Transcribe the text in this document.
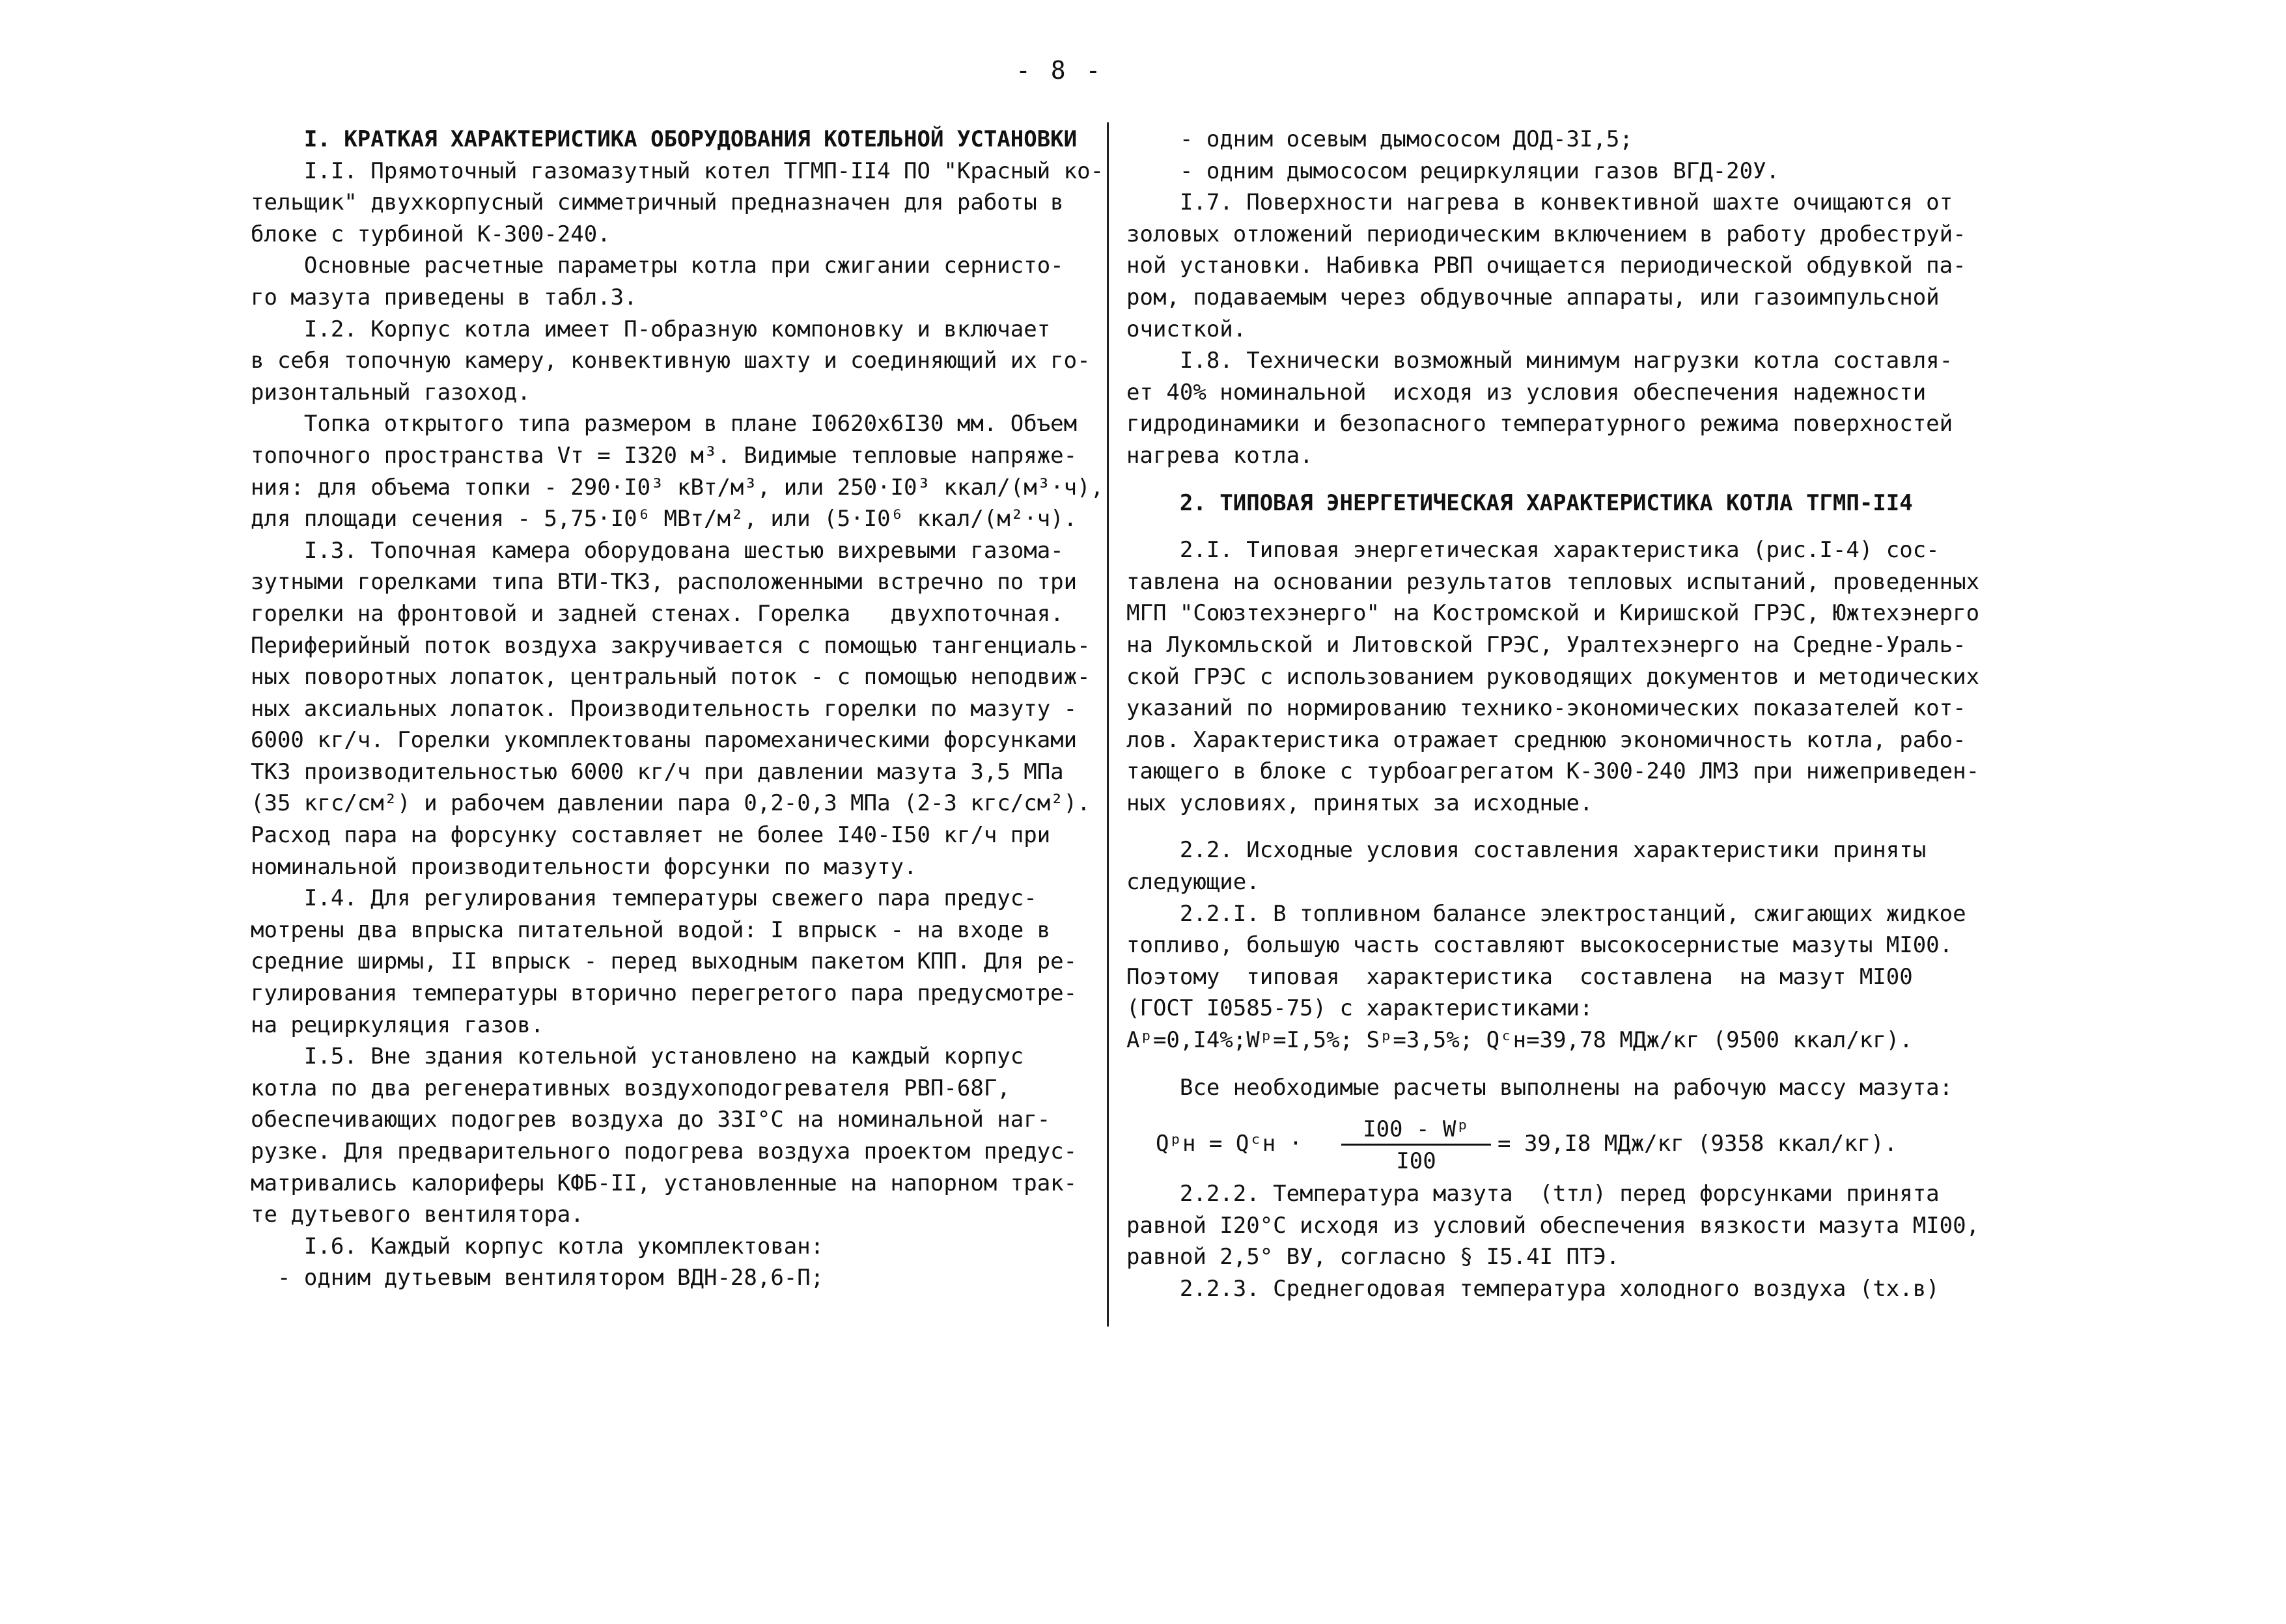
- 8 -
I. КРАТКАЯ ХАРАКТЕРИСТИКА ОБОРУДОВАНИЯ КОТЕЛЬНОЙ УСТАНОВКИ
I.I. Прямоточный газомазутный котел ТГМП-II4 ПО "Красный ко-
тельщик" двухкорпусный симметричный предназначен для работы в
блоке с турбиной К-300-240.
Основные расчетные параметры котла при сжигании сернисто-
го мазута приведены в табл.3.
I.2. Корпус котла имеет П-образную компоновку и включает
в себя топочную камеру, конвективную шахту и соединяющий их го-
ризонтальный газоход.
Топка открытого типа размером в плане I0620х6I30 мм. Объем
топочного пространства Vт = I320 м³. Видимые тепловые напряже-
ния: для объема топки - 290·I0³ кВт/м³, или 250·I0³ ккал/(м³·ч),
для площади сечения - 5,75·I0⁶ МВт/м², или (5·I0⁶ ккал/(м²·ч).
I.3. Топочная камера оборудована шестью вихревыми газома-
зутными горелками типа ВТИ-ТКЗ, расположенными встречно по три
горелки на фронтовой и задней стенах. Горелка   двухпоточная.
Периферийный поток воздуха закручивается с помощью тангенциаль-
ных поворотных лопаток, центральный поток - с помощью неподвиж-
ных аксиальных лопаток. Производительность горелки по мазуту -
6000 кг/ч. Горелки укомплектованы паромеханическими форсунками
ТКЗ производительностью 6000 кг/ч при давлении мазута 3,5 МПа
(35 кгс/см²) и рабочем давлении пара 0,2-0,3 МПа (2-3 кгс/см²).
Расход пара на форсунку составляет не более I40-I50 кг/ч при
номинальной производительности форсунки по мазуту.
I.4. Для регулирования температуры свежего пара предус-
мотрены два впрыска питательной водой: I впрыск - на входе в
средние ширмы, II впрыск - перед выходным пакетом КПП. Для ре-
гулирования температуры вторично перегретого пара предусмотре-
на рециркуляция газов.
I.5. Вне здания котельной установлено на каждый корпус
котла по два регенеративных воздухоподогревателя РВП-68Г,
обеспечивающих подогрев воздуха до 33I°С на номинальной наг-
рузке. Для предварительного подогрева воздуха проектом предус-
матривались калориферы КФБ-II, установленные на напорном трак-
те дутьевого вентилятора.
I.6. Каждый корпус котла укомплектован:
- одним дутьевым вентилятором ВДН-28,6-П;
- одним осевым дымососом ДОД-3I,5;
- одним дымососом рециркуляции газов ВГД-20У.
I.7. Поверхности нагрева в конвективной шахте очищаются от
золовых отложений периодическим включением в работу дробеструй-
ной установки. Набивка РВП очищается периодической обдувкой па-
ром, подаваемым через обдувочные аппараты, или газоимпульсной
очисткой.
I.8. Технически возможный минимум нагрузки котла составля-
ет 40% номинальной  исходя из условия обеспечения надежности
гидродинамики и безопасного температурного режима поверхностей
нагрева котла.
2. ТИПОВАЯ ЭНЕРГЕТИЧЕСКАЯ ХАРАКТЕРИСТИКА КОТЛА ТГМП-II4
2.I. Типовая энергетическая характеристика (рис.I-4) сос-
тавлена на основании результатов тепловых испытаний, проведенных
МГП "Союзтехэнерго" на Костромской и Киришской ГРЭС, Южтехэнерго
на Лукомльской и Литовской ГРЭС, Уралтехэнерго на Средне-Ураль-
ской ГРЭС с использованием руководящих документов и методических
указаний по нормированию технико-экономических показателей кот-
лов. Характеристика отражает среднюю экономичность котла, рабо-
тающего в блоке с турбоагрегатом К-300-240 ЛМЗ при нижеприведен-
ных условиях, принятых за исходные.
2.2. Исходные условия составления характеристики приняты
следующие.
2.2.I. В топливном балансе электростанций, сжигающих жидкое
топливо, большую часть составляют высокосернистые мазуты МI00.
Поэтому  типовая  характеристика  составлена  на мазут МI00
(ГОСТ I0585-75) с характеристиками:
Aᵖ=0,I4%;Wᵖ=I,5%; Sᵖ=3,5%; Qᶜн=39,78 МДж/кг (9500 ккал/кг).
Все необходимые расчеты выполнены на рабочую массу мазута:
Qᵖн = Qᶜн · $\frac{\text{I00 - Wᵖ}}{I00} = 39,I8$ МДж/кг (9358 ккал/кг).
2.2.2. Температура мазута  (tтл) перед форсунками принята
равной I20°С исходя из условий обеспечения вязкости мазута МI00,
равной 2,5° ВУ, согласно § I5.4I ПТЭ.
2.2.3. Среднегодовая температура холодного воздуха (tх.в)
